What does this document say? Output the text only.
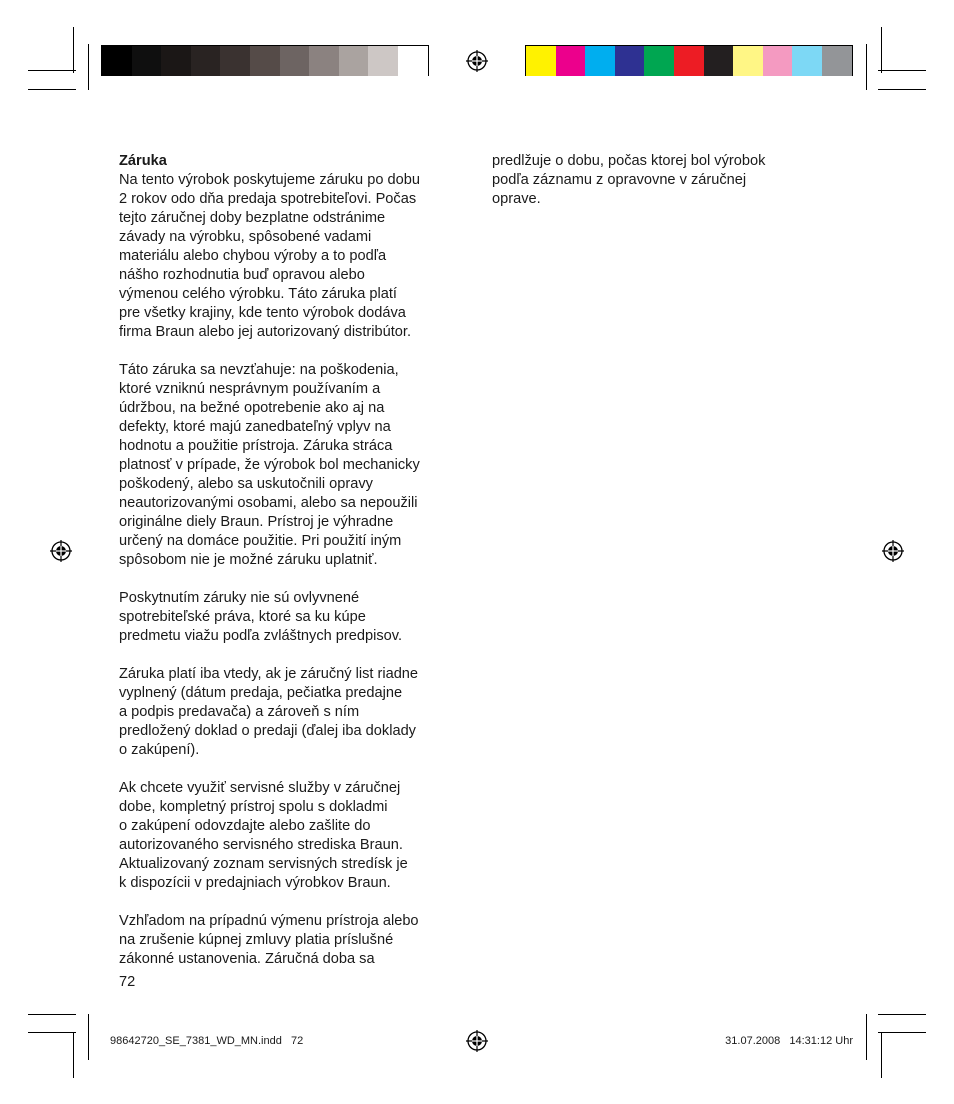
Záruka

Na tento výrobok poskytujeme záruku po dobu
2 rokov odo dňa predaja spotrebiteľovi. Počas
tejto záručnej doby bezplatne odstránime
závady na výrobku, spôsobené vadami
materiálu alebo chybou výroby a to podľa
nášho rozhodnutia buď opravou alebo
výmenou celého výrobku. Táto záruka platí
pre všetky krajiny, kde tento výrobok dodáva
firma Braun alebo jej autorizovaný distribútor.

Táto záruka sa nevzťahuje: na poškodenia,
ktoré vzniknú nesprávnym používaním a
údržbou, na bežné opotrebenie ako aj na
defekty, ktoré majú zanedbateľný vplyv na
hodnotu a použitie prístroja. Záruka stráca
platnosť v prípade, že výrobok bol mechanicky
poškodený, alebo sa uskutočnili opravy
neautorizovanými osobami, alebo sa nepoužili
originálne diely Braun. Prístroj je výhradne
určený na domáce použitie. Pri použití iným
spôsobom nie je možné záruku uplatniť.

Poskytnutím záruky nie sú ovlyvnené
spotrebiteľské práva, ktoré sa ku kúpe
predmetu viažu podľa zvláštnych predpisov.

Záruka platí iba vtedy, ak je záručný list riadne
vyplnený (dátum predaja, pečiatka predajne
a podpis predavača) a zároveň s ním
predložený doklad o predaji (ďalej iba doklady
o zakúpení).

Ak chcete využiť servisné služby v záručnej
dobe, kompletný prístroj spolu s dokladmi
o zakúpení odovzdajte alebo zašlite do
autorizovaného servisného strediska Braun.
Aktualizovaný zoznam servisných stredísk je
k dispozícii v predajniach výrobkov Braun.

Vzhľadom na prípadnú výmenu prístroja alebo
na zrušenie kúpnej zmluvy platia príslušné
zákonné ustanovenia. Záručná doba sa

72

predlžuje o dobu, počas ktorej bol výrobok
podľa záznamu z opravovne v záručnej
oprave.

98642720_SE_7381_WD_MN.indd   72	31.07.2008   14:31:12 Uhr
